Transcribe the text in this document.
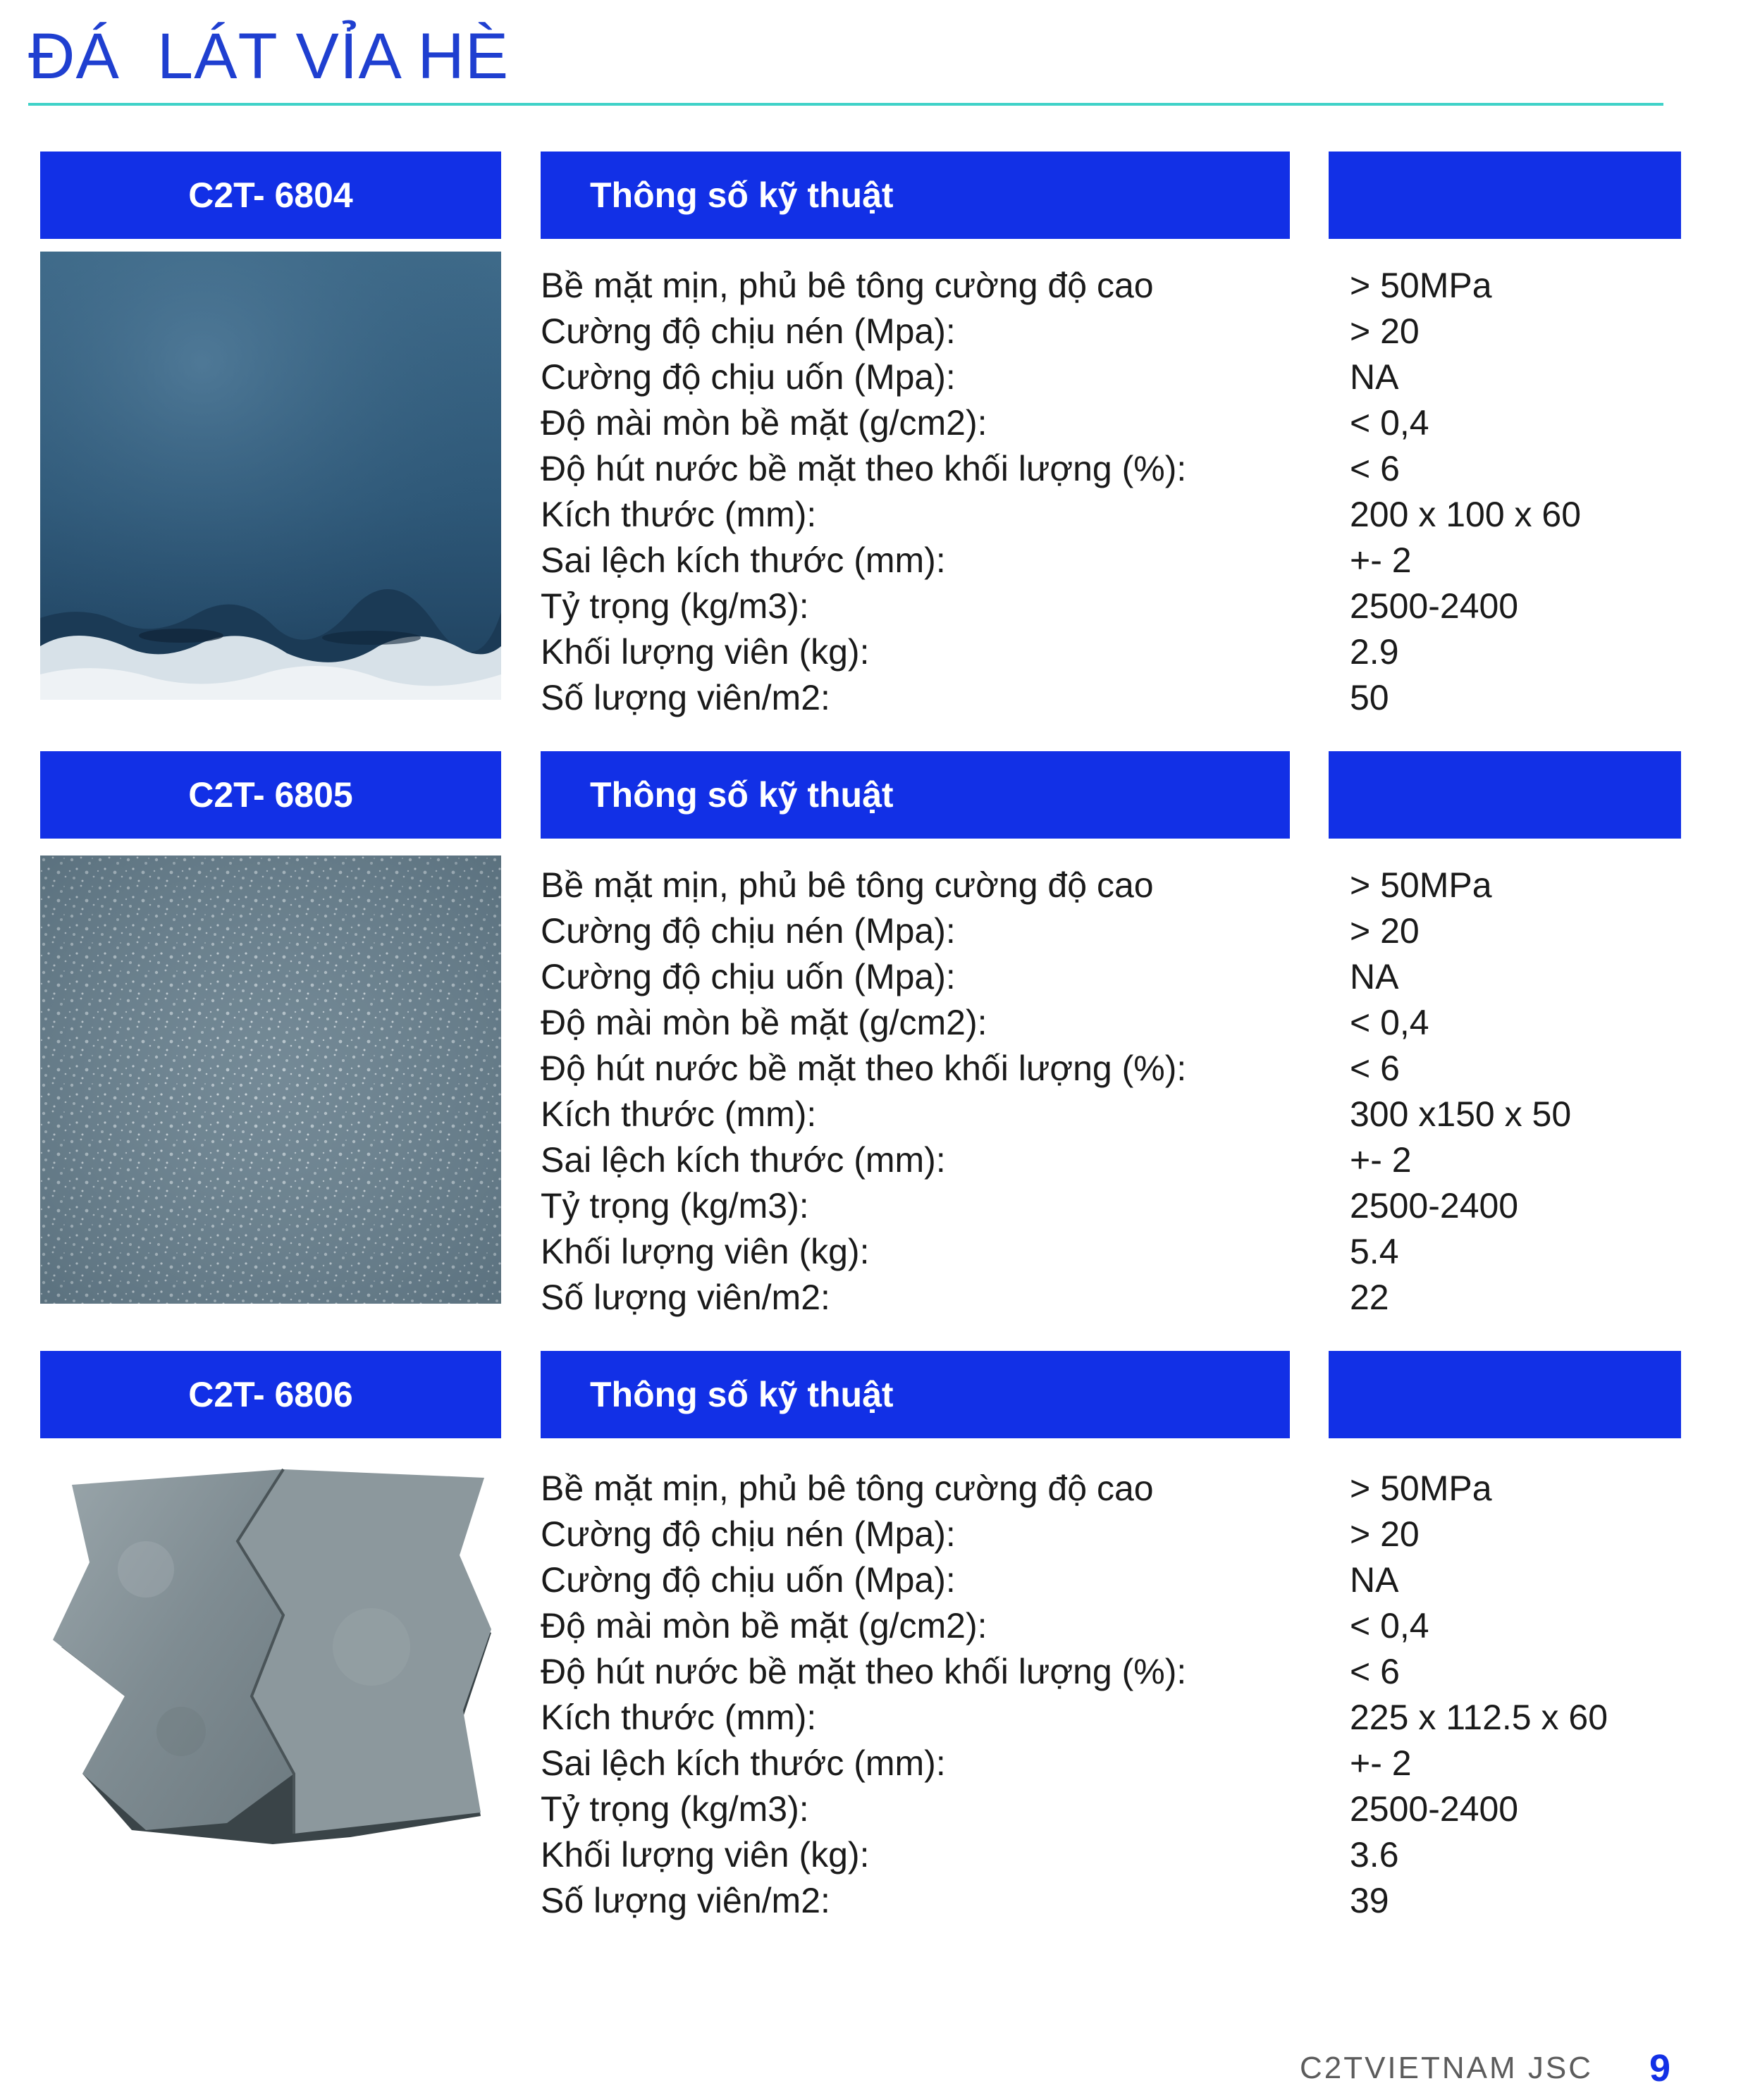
ĐÁ  LÁT VỈA HÈ
C2T- 6804	Thông số kỹ thuật
Bề mặt mịn, phủ bê tông cường độ cao	> 50MPa
Cường độ chịu nén (Mpa):	> 20
Cường độ chịu uốn (Mpa):	NA
Độ mài mòn bề mặt (g/cm2):	< 0,4
Độ hút nước bề mặt theo khối lượng (%):	< 6
Kích thước (mm):	200 x 100 x 60
Sai lệch kích thước (mm):	+- 2
Tỷ trọng (kg/m3):	2500-2400
Khối lượng viên (kg):	2.9
Số lượng viên/m2:	50
C2T- 6805	Thông số kỹ thuật
Bề mặt mịn, phủ bê tông cường độ cao	> 50MPa
Cường độ chịu nén (Mpa):	> 20
Cường độ chịu uốn (Mpa):	NA
Độ mài mòn bề mặt (g/cm2):	< 0,4
Độ hút nước bề mặt theo khối lượng (%):	< 6
Kích thước (mm):	300 x150 x 50
Sai lệch kích thước (mm):	+- 2
Tỷ trọng (kg/m3):	2500-2400
Khối lượng viên (kg):	5.4
Số lượng viên/m2:	22
C2T- 6806	Thông số kỹ thuật
Bề mặt mịn, phủ bê tông cường độ cao	> 50MPa
Cường độ chịu nén (Mpa):	> 20
Cường độ chịu uốn (Mpa):	NA
Độ mài mòn bề mặt (g/cm2):	< 0,4
Độ hút nước bề mặt theo khối lượng (%):	< 6
Kích thước (mm):	225 x 112.5 x 60
Sai lệch kích thước (mm):	+- 2
Tỷ trọng (kg/m3):	2500-2400
Khối lượng viên (kg):	3.6
Số lượng viên/m2:	39
C2TVIETNAM JSC 9
